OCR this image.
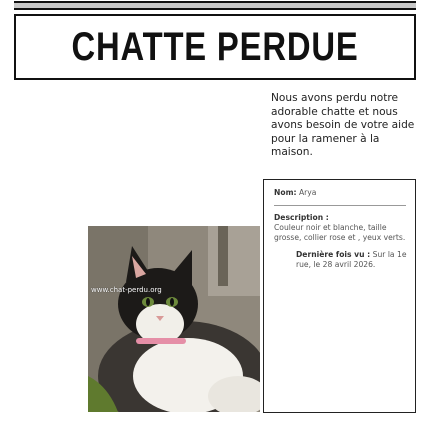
CHATTE PERDUE
Nous avons perdu notre adorable chatte et nous avons besoin de votre aide pour la ramener à la maison.
www.chat-perdu.org
Nom: Arya
Description :
Couleur noir et blanche, taille grosse, collier rose et , yeux verts.
Dernière fois vu : Sur la 1e rue, le 28 avril 2026.
